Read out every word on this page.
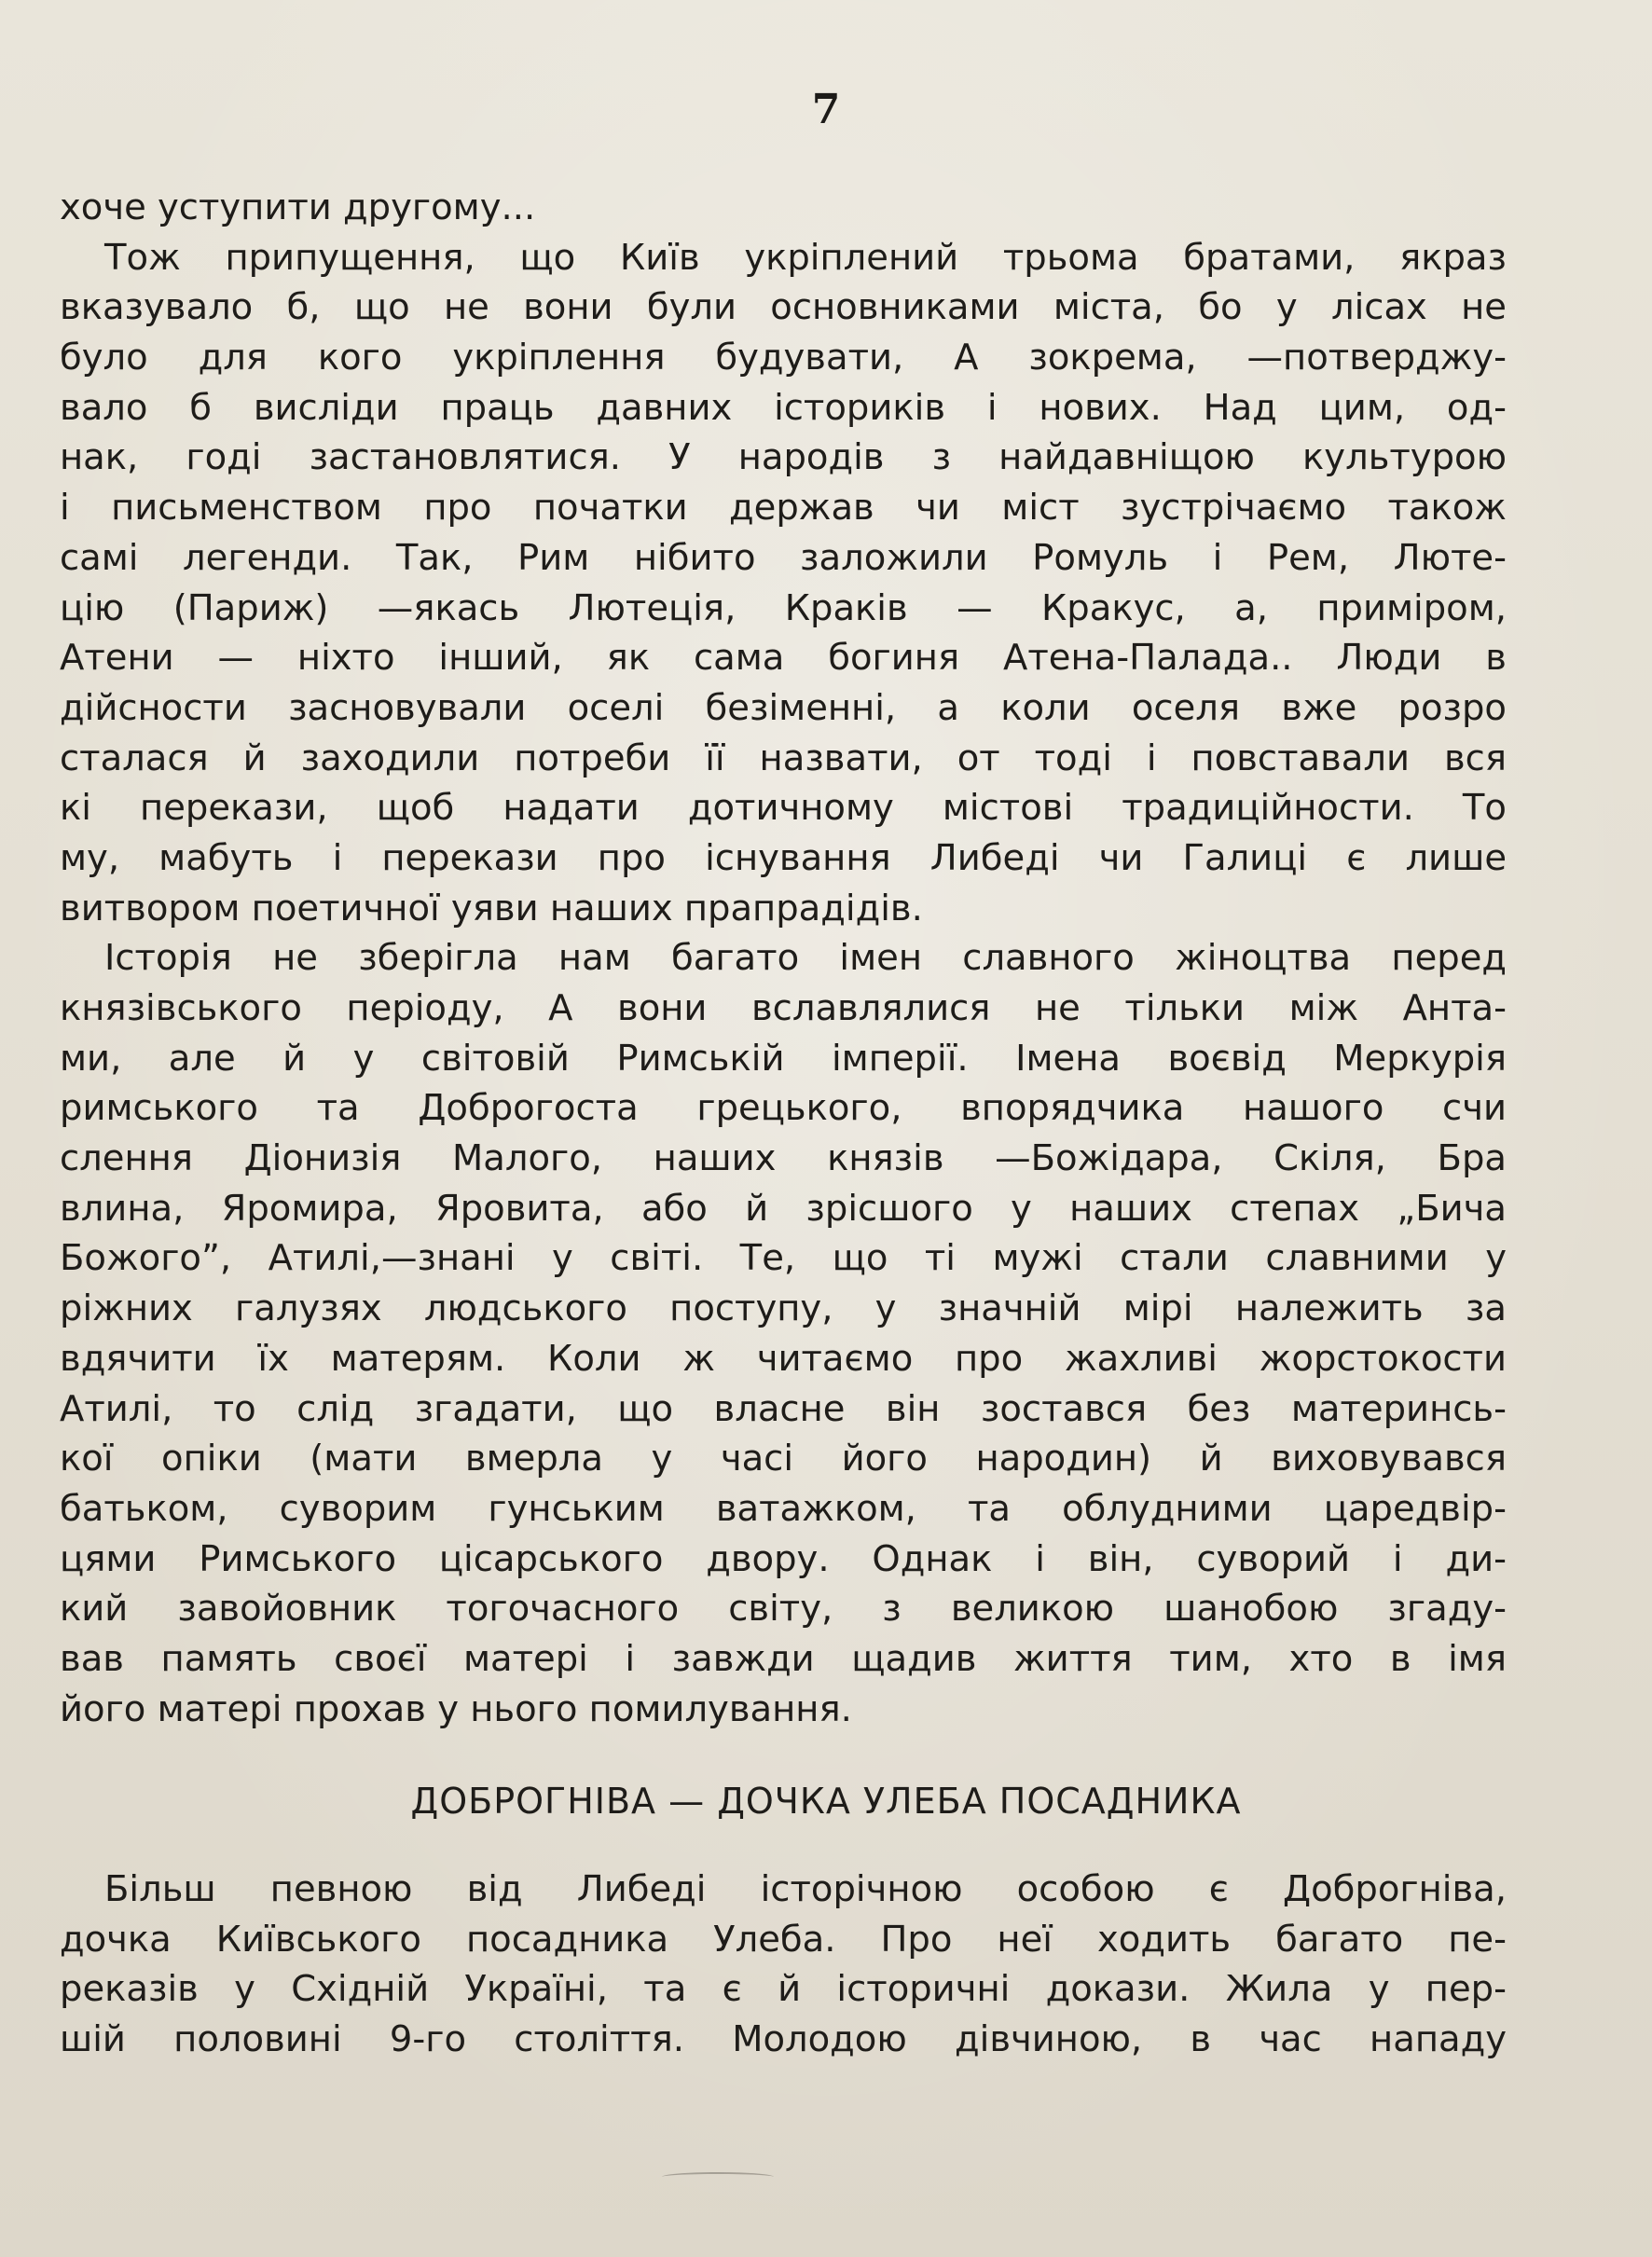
7
хоче уступити другому...
Тож припущення, що Київ укріплений трьома братами, якраз
вказувало б, що не вони були основниками міста, бо у лісах не
було для кого укріплення будувати, А зокрема, —потверджу-
вало б висліди праць давних істориків і нових. Над цим, од-
нак, годі застановлятися. У народів з найдавніщою культурою
і письменством про початки держав чи міст зустрічаємо також
самі легенди. Так, Рим нібито заложили Ромуль і Рем, Люте-
цію (Париж) —якась Лютеція, Краків — Кракус, а, приміром,
Атени — ніхто інший, як сама богиня Атена-Палада.. Люди в
дійсности засновували оселі безіменні, а коли оселя вже розро
сталася й заходили потреби її назвати, от тоді і повставали вся
кі перекази, щоб надати дотичному містові традиційности. То
му, мабуть і перекази про існування Либеді чи Галиці є лише
витвором поетичної уяви наших прапрадідів.
Історія не зберігла нам багато імен славного жіноцтва перед
князівського періоду, А вони вславлялися не тільки між Анта-
ми, але й у світовій Римській імперії. Імена воєвід Меркурія
римського та Доброгоста грецького, впорядчика нашого счи
слення Діонизія Малого, наших князів —Божідара, Скіля, Бра
влина, Яромира, Яровита, або й зрісшого у наших степах „Бича
Божого”, Атилі,—знані у світі. Те, що ті мужі стали славними у
ріжних галузях людського поступу, у значній мірі належить за
вдячити їх матерям. Коли ж читаємо про жахливі жорстокости
Атилі, то слід згадати, що власне він зостався без материнсь-
кої опіки (мати вмерла у часі його народин) й виховувався
батьком, суворим гунським ватажком, та облудними царедвір-
цями Римського цісарського двору. Однак і він, суворий і ди-
кий завойовник тогочасного світу, з великою шанобою згаду-
вав память своєї матері і завжди щадив життя тим, хто в імя
його матері прохав у нього помилування.
ДОБРОГНІВА — ДОЧКА УЛЕБА ПОСАДНИКА
Більш певною від Либеді історічною особою є Доброгніва,
дочка Київського посадника Улеба. Про неї ходить багато пе-
реказів у Східній Україні, та є й історичні докази. Жила у пер-
шій половині 9-го століття. Молодою дівчиною, в час нападу
